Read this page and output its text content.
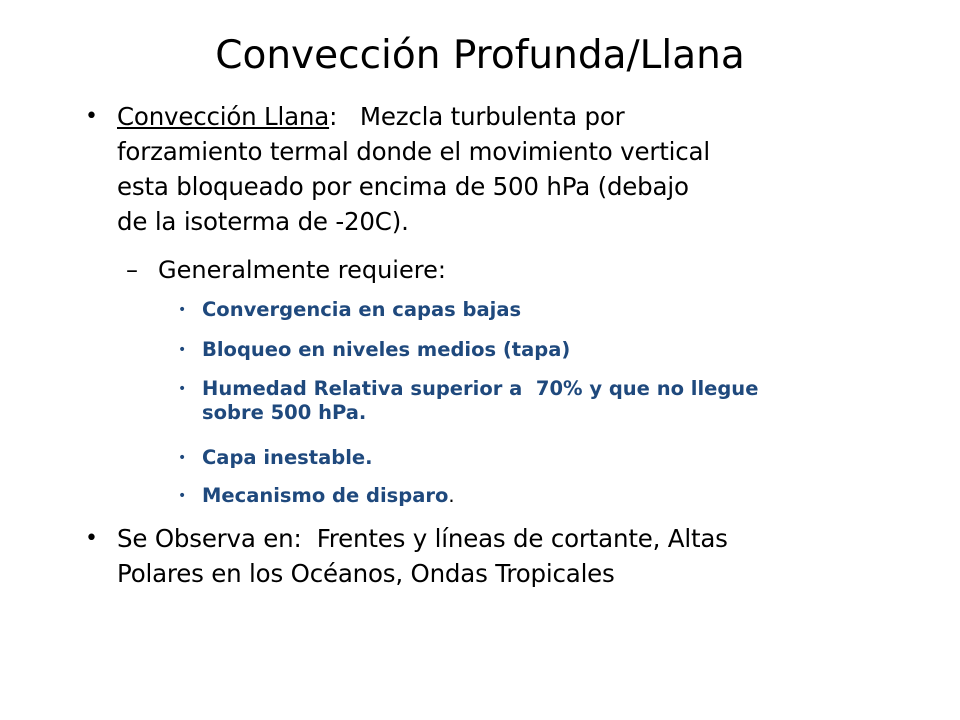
Convección Profunda/Llana
• Convección Llana:   Mezcla turbulenta por
forzamiento termal donde el movimiento vertical
esta bloqueado por encima de 500 hPa (debajo
de la isoterma de -20C).
– Generalmente requiere:
• Convergencia en capas bajas
• Bloqueo en niveles medios (tapa)
• Humedad Relativa superior a  70% y que no llegue
sobre 500 hPa.
• Capa inestable.
• Mecanismo de disparo.
• Se Observa en:  Frentes y líneas de cortante, Altas
Polares en los Océanos, Ondas Tropicales
